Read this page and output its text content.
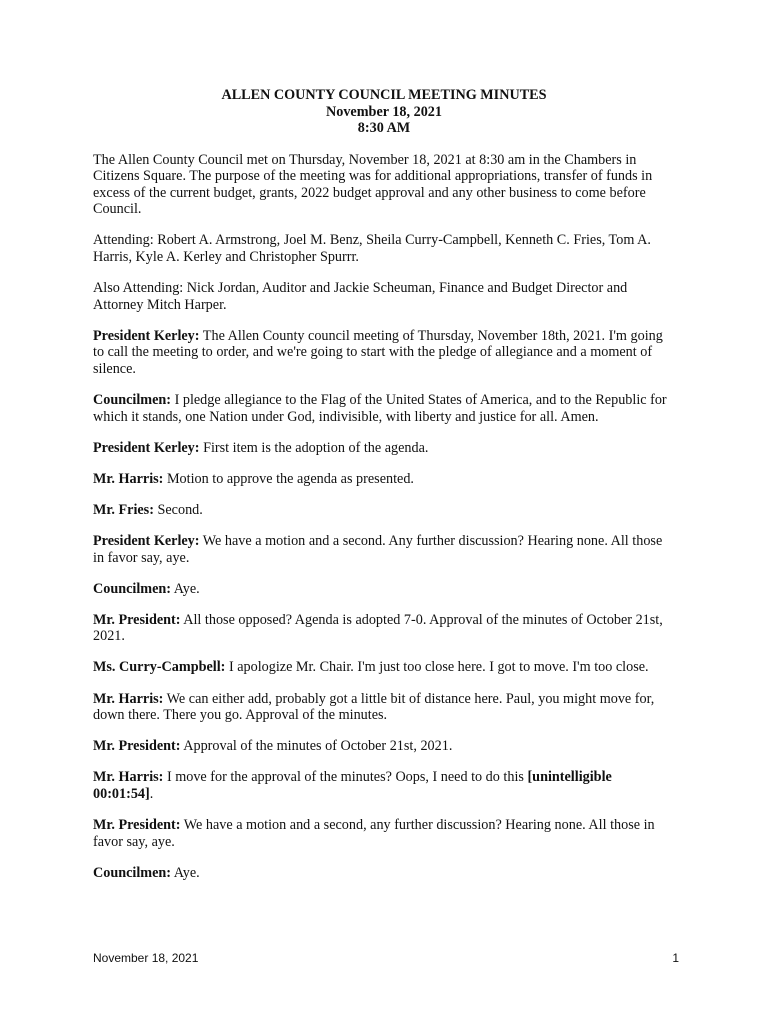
ALLEN COUNTY COUNCIL MEETING MINUTES
November 18, 2021
8:30 AM

The Allen County Council met on Thursday, November 18, 2021 at 8:30 am in the Chambers in Citizens Square. The purpose of the meeting was for additional appropriations, transfer of funds in excess of the current budget, grants, 2022 budget approval and any other business to come before Council.

Attending: Robert A. Armstrong, Joel M. Benz, Sheila Curry-Campbell, Kenneth C. Fries, Tom A. Harris, Kyle A. Kerley and Christopher Spurrr.

Also Attending: Nick Jordan, Auditor and Jackie Scheuman, Finance and Budget Director and Attorney Mitch Harper.

President Kerley: The Allen County council meeting of Thursday, November 18th, 2021. I'm going to call the meeting to order, and we're going to start with the pledge of allegiance and a moment of silence.

Councilmen: I pledge allegiance to the Flag of the United States of America, and to the Republic for which it stands, one Nation under God, indivisible, with liberty and justice for all. Amen.

President Kerley: First item is the adoption of the agenda.

Mr. Harris: Motion to approve the agenda as presented.

Mr. Fries: Second.

President Kerley: We have a motion and a second. Any further discussion? Hearing none. All those in favor say, aye.

Councilmen: Aye.

Mr. President: All those opposed? Agenda is adopted 7-0. Approval of the minutes of October 21st, 2021.

Ms. Curry-Campbell: I apologize Mr. Chair. I'm just too close here. I got to move. I'm too close.

Mr. Harris: We can either add, probably got a little bit of distance here. Paul, you might move for, down there. There you go. Approval of the minutes.

Mr. President: Approval of the minutes of October 21st, 2021.

Mr. Harris: I move for the approval of the minutes? Oops, I need to do this [unintelligible 00:01:54].

Mr. President: We have a motion and a second, any further discussion? Hearing none. All those in favor say, aye.

Councilmen: Aye.

November 18, 2021	1
